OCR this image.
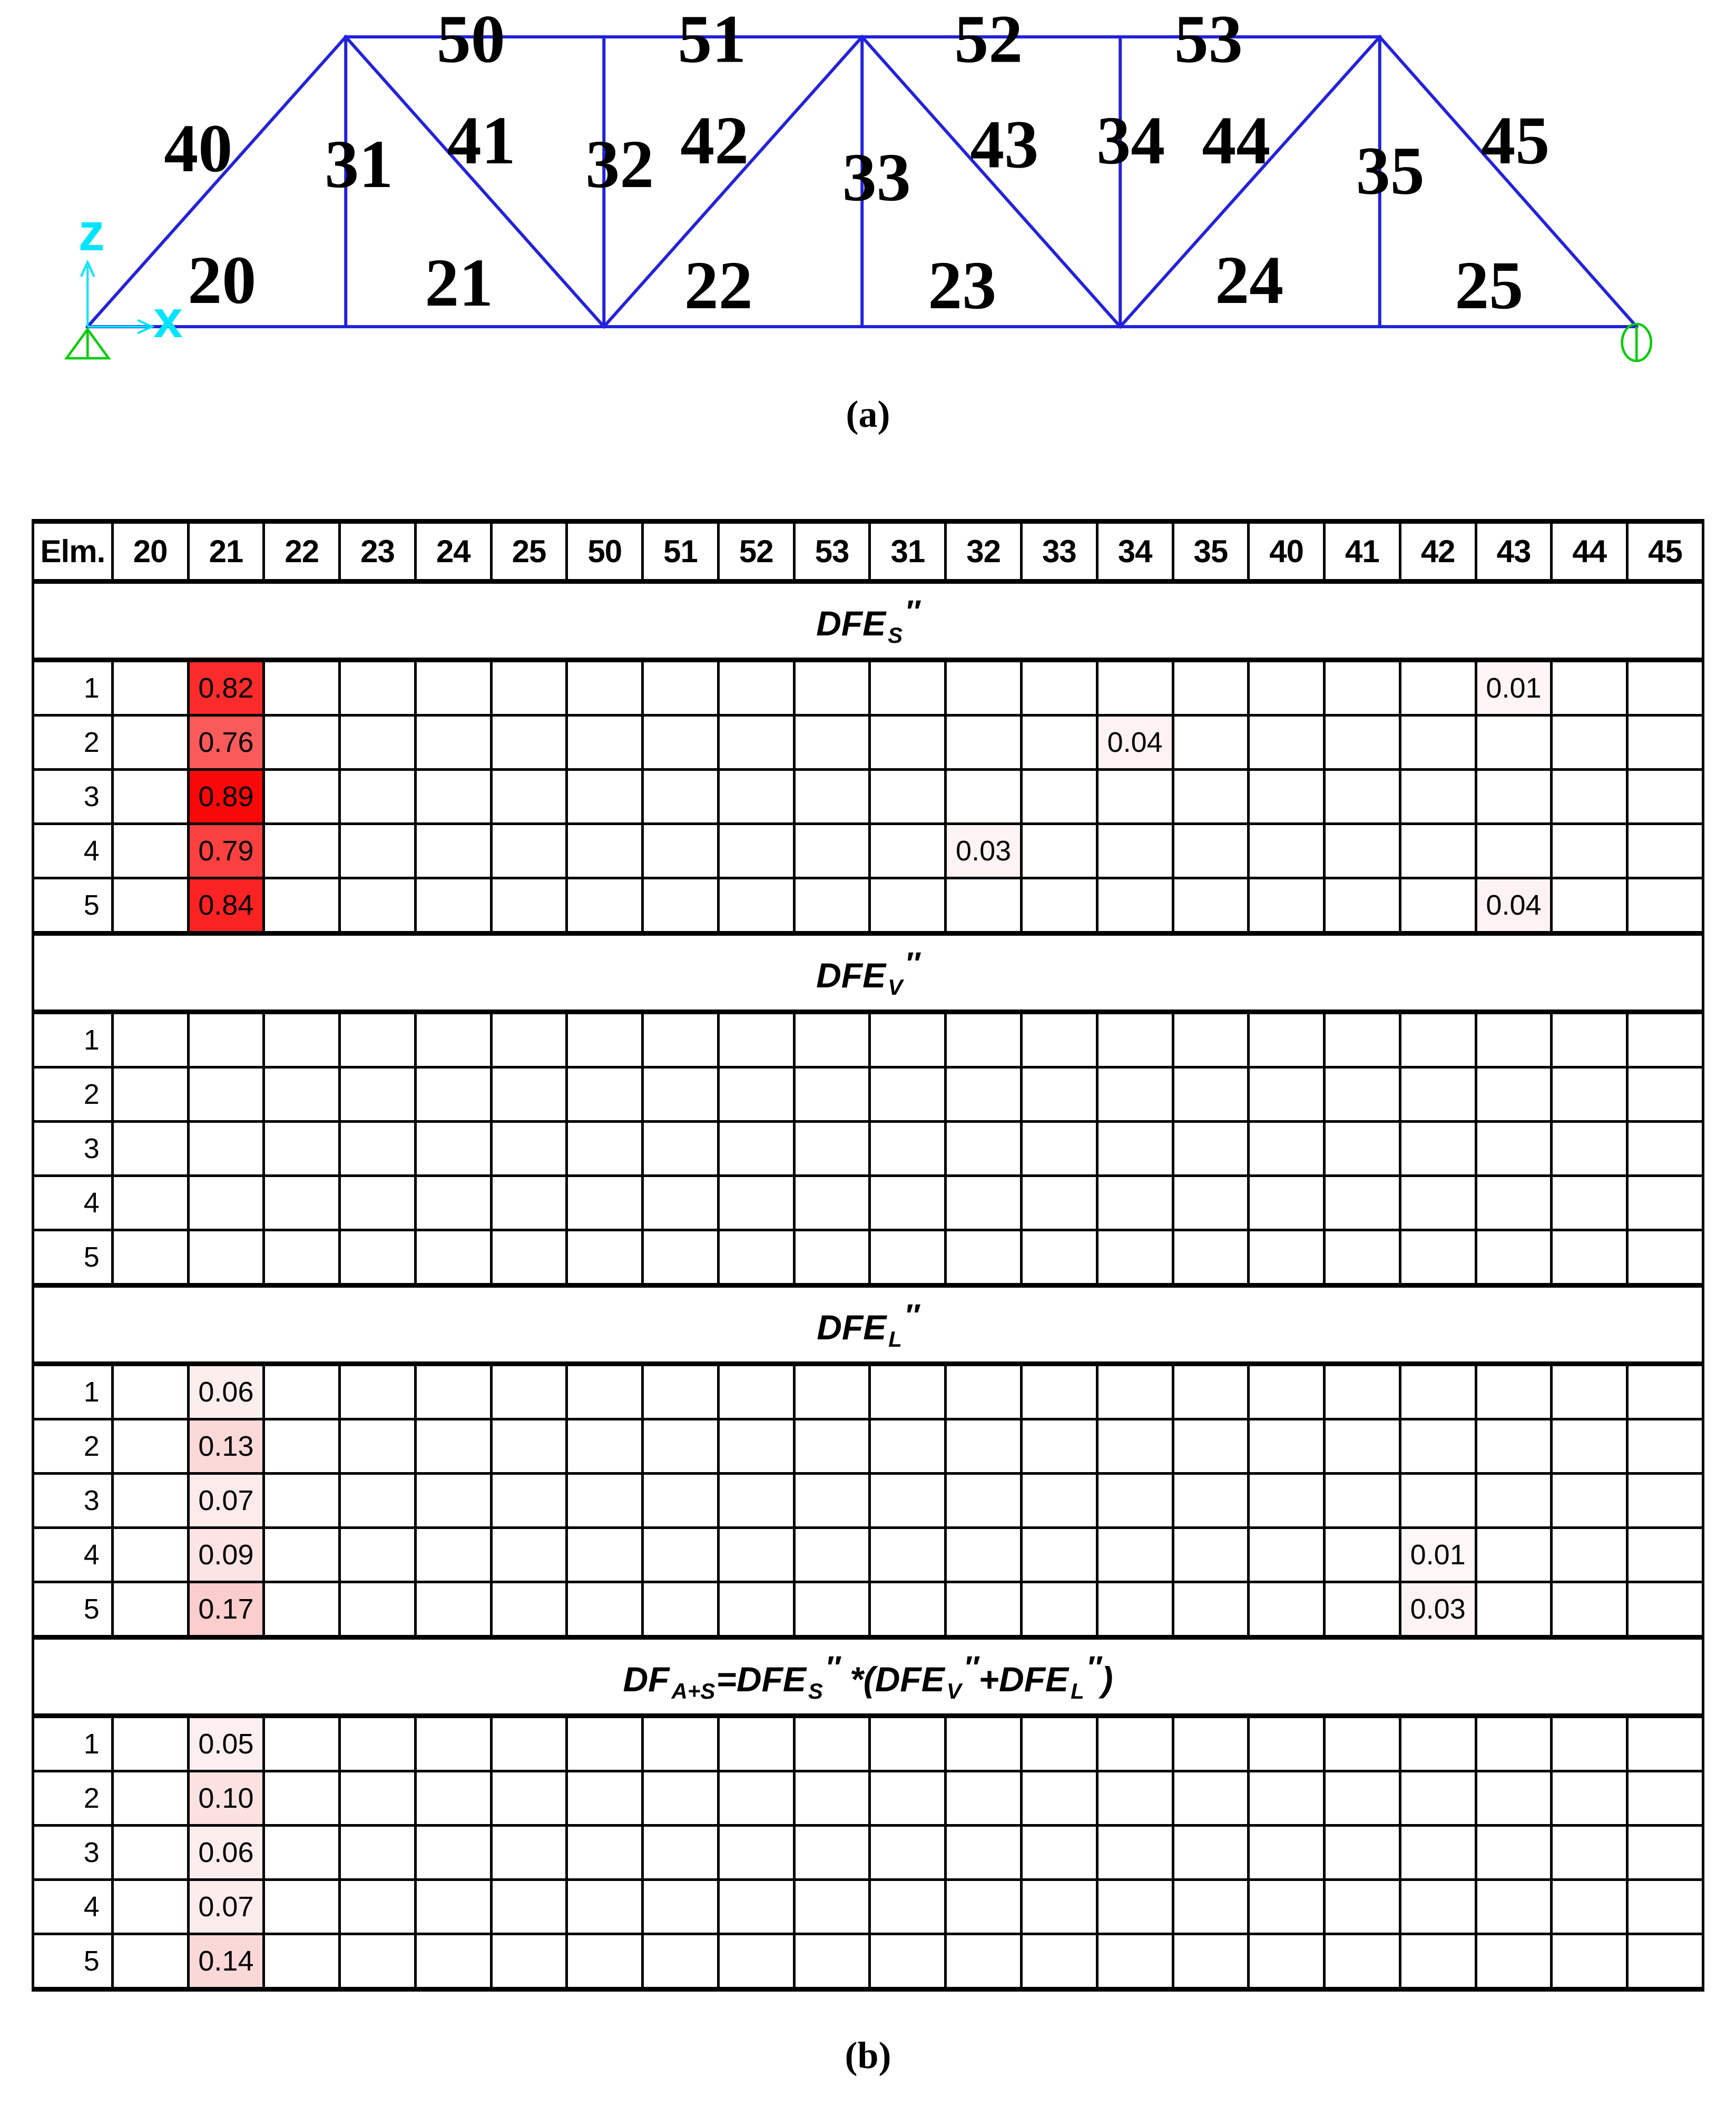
z
x
40	31 41
50
32 42
51
33 43
52
34 44
53
35 45
20	21	22	23	24	25
(a)
Elm.	20	21	22	23	24	25	50	51	52	53	31	32	33	34	35	40	41	42	43	44	45
$DFE_S''$																					
1		0.82																	0.01		
2		0.76												0.04							
3		0.89																			
4		0.79										0.03									
5		0.84																	0.04		
$DFE_V''$																					
1																					
2																					
3																					
4																					
5																					
$DFE_L''$																					
1		0.06																			
2		0.13																			
3		0.07																			
4		0.09																0.01			
5		0.17																0.03			
$DF_{A+S}=DFE_S''$ $*(DFE_V''+DFE_L'')$																					
1		0.05																			
2		0.10																			
3		0.06																			
4		0.07																			
5		0.14																			
(b)
